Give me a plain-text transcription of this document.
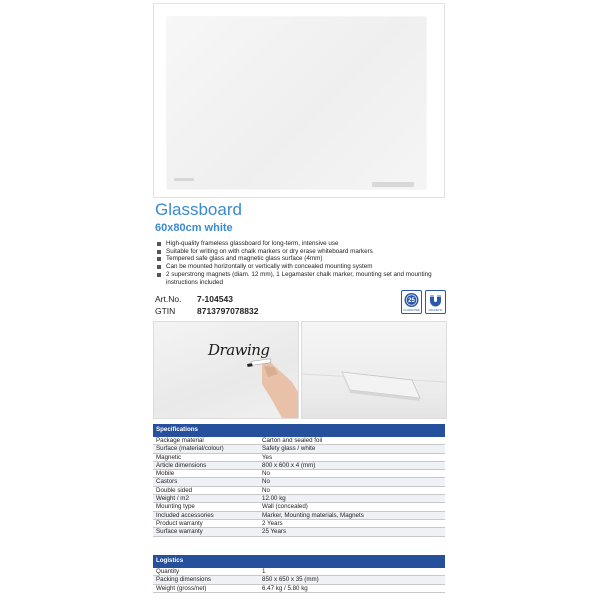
Glassboard
60x80cm white
High-quality frameless glassboard for long-term, intensive use
Suitable for writing on with chalk markers or dry erase whiteboard markers
Tempered safe glass and magnetic glass surface (4mm)
Can be mounted horizontally or vertically with concealed mounting system
2 superstrong magnets (diam. 12 mm), 1 Legamaster chalk marker, mounting set and mounting instructions included
Art.No. 7-104543
GTIN	8713797078832
25
GUARANTEE	MAGNETIC
Drawing
Specifications	
Package material	Carton and sealed foil
Surface (material/colour)	Safety glass / white
Magnetic	Yes
Article dimensions	800 x 600 x 4 (mm)
Mobile	No
Castors	No
Double sided	No
Weight / m2	12.00 kg
Mounting type	Wall (concealed)
Included accessories	Marker, Mounting materials, Magnets
Product warranty	2 Years
Surface warranty	25 Years
Logistics	
Quantity	1
Packing dimensions	850 x 650 x 35 (mm)
Weight (gross/net)	6.47 kg / 5.80 kg
